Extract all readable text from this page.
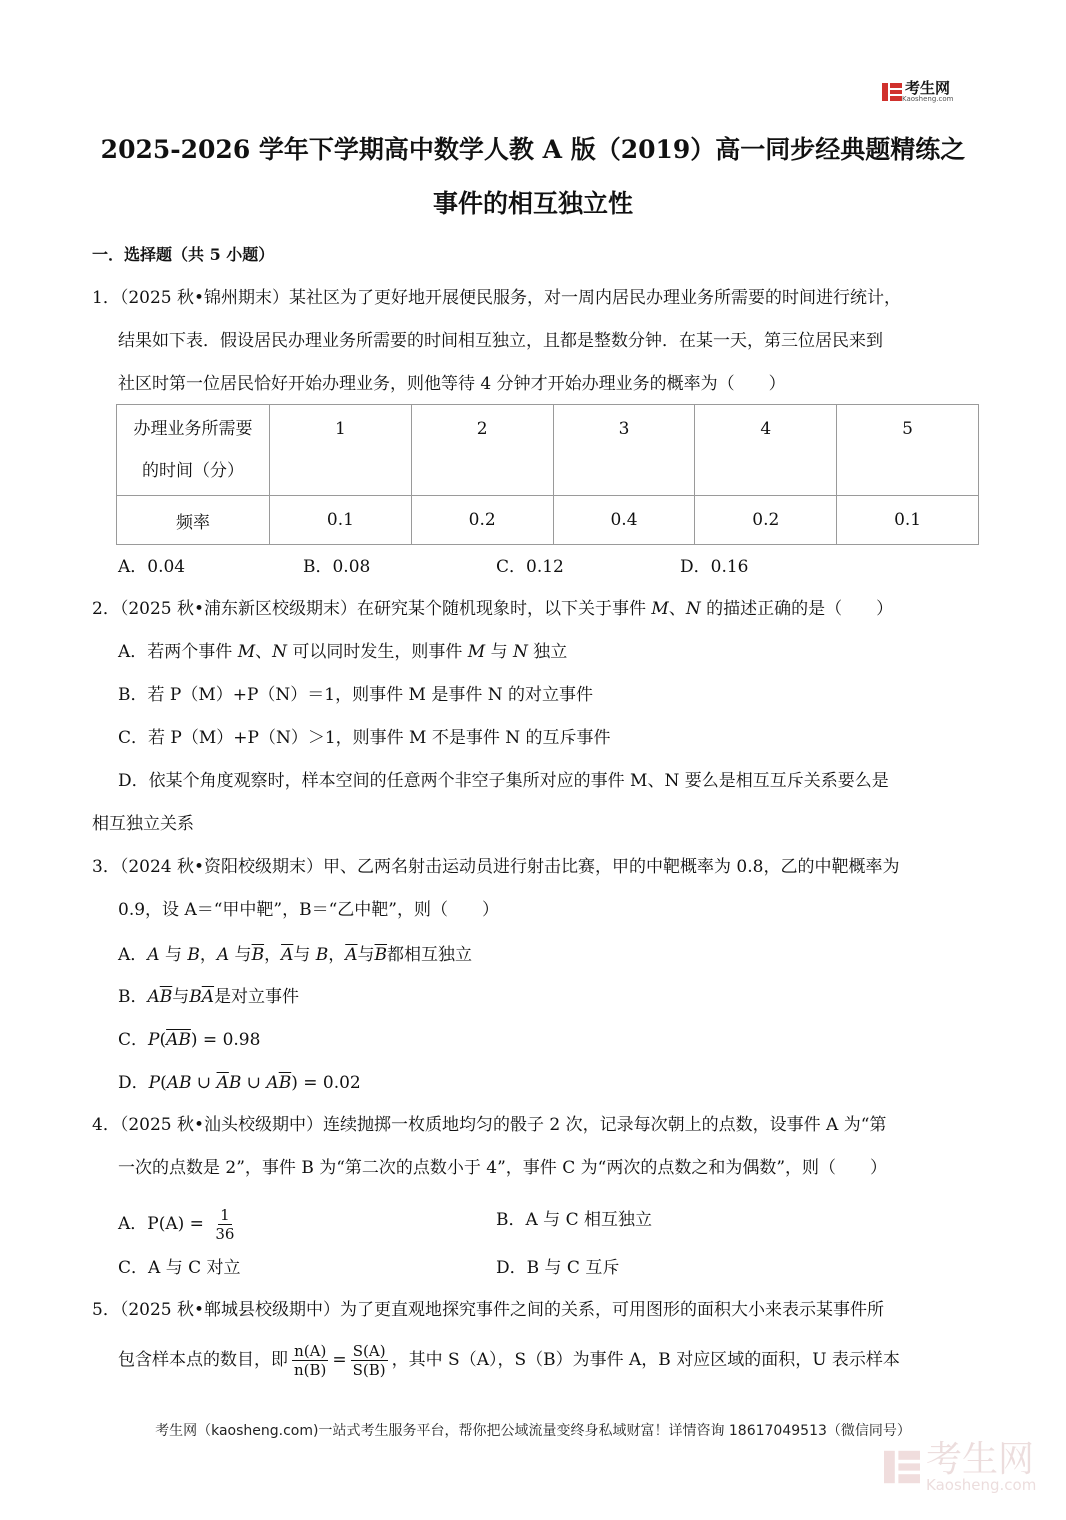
考生网
Kaosheng.com
2025-2026 学年下学期高中数学人教 A 版（2019）高一同步经典题精练之
事件的相互独立性
一．选择题（共 5 小题）
1．（2025 秋•锦州期末）某社区为了更好地开展便民服务，对一周内居民办理业务所需要的时间进行统计，
结果如下表．假设居民办理业务所需要的时间相互独立，且都是整数分钟．在某一天，第三位居民来到
社区时第一位居民恰好开始办理业务，则他等待 4 分钟才开始办理业务的概率为（　　）
办理业务所需要
的时间（分）	1	2	3	4	5
频率	0.1	0.2	0.4	0.2	0.1
A．0.04	B．0.08	C．0.12	D．0.16
2．（2025 秋•浦东新区校级期末）在研究某个随机现象时，以下关于事件 M、N 的描述正确的是（　　）
A．若两个事件 M、N 可以同时发生，则事件 M 与 N 独立
B．若 P（M）+P（N）＝1，则事件 M 是事件 N 的对立事件
C．若 P（M）+P（N）＞1，则事件 M 不是事件 N 的互斥事件
D．依某个角度观察时，样本空间的任意两个非空子集所对应的事件 M、N 要么是相互互斥关系要么是
相互独立关系
3．（2024 秋•资阳校级期末）甲、乙两名射击运动员进行射击比赛，甲的中靶概率为 0.8，乙的中靶概率为
0.9，设 A＝“甲中靶”，B＝“乙中靶”，则（　　）
A．A 与 B，A 与$\overline{B}$，$\overline{A}$与 B，$\overline{A}$与$\overline{B}$都相互独立
B．$A\overline{B}$与$B\overline{A}$是对立事件
C．$P(\overline{AB}) = 0.98$
D．P(AB ∪ $\overline{A}B$ ∪ $A\overline{B}) = 0.02$
4．（2025 秋•汕头校级期中）连续抛掷一枚质地均匀的骰子 2 次，记录每次朝上的点数，设事件 A 为“第
一次的点数是 2”，事件 B 为“第二次的点数小于 4”，事件 C 为“两次的点数之和为偶数”，则（　　）
A．$P(A) = \frac{1}{36}$	B．A 与 C 相互独立
C．A 与 C 对立	D．B 与 C 互斥
5．（2025 秋•郸城县校级期中）为了更直观地探究事件之间的关系，可用图形的面积大小来表示某事件所
包含样本点的数目，即 $\frac{n(A)}{n(B)} = \frac{S(A)}{S(B)}$ ，其中 S（A），S（B）为事件 A，B 对应区域的面积，U 表示样本
考生网（kaosheng.com)一站式考生服务平台，帮你把公域流量变终身私域财富！详情咨询 18617049513（微信同号）
考生网
Kaosheng.com
